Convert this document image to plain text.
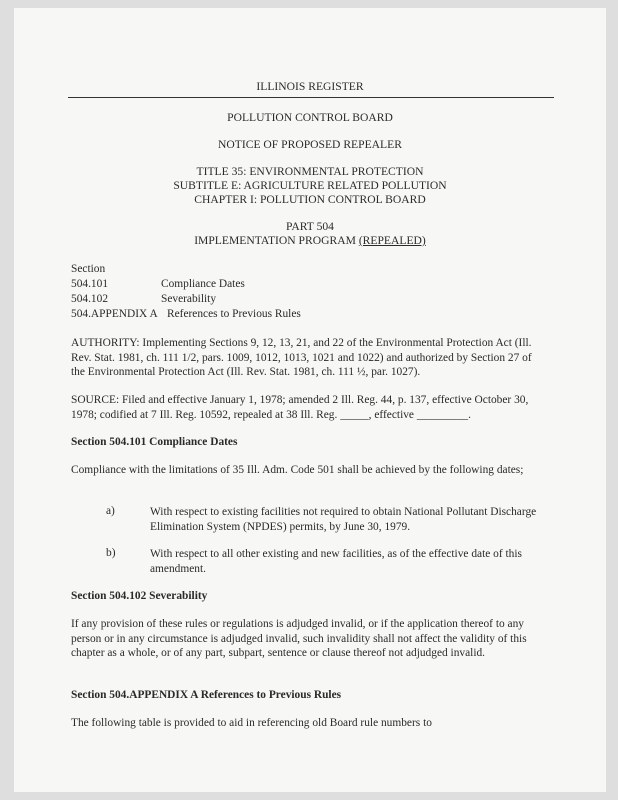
ILLINOIS REGISTER
POLLUTION CONTROL BOARD
NOTICE OF PROPOSED REPEALER
TITLE 35: ENVIRONMENTAL PROTECTION
SUBTITLE E: AGRICULTURE RELATED POLLUTION
CHAPTER I: POLLUTION CONTROL BOARD
PART 504
IMPLEMENTATION PROGRAM (REPEALED)
Section
504.101	Compliance Dates
504.102	Severability
504.APPENDIX A References to Previous Rules
AUTHORITY: Implementing Sections 9, 12, 13, 21, and 22 of the Environmental Protection Act (Ill. Rev. Stat. 1981, ch. 111 1/2, pars. 1009, 1012, 1013, 1021 and 1022) and authorized by Section 27 of the Environmental Protection Act (Ill. Rev. Stat. 1981, ch. 111 ½, par. 1027).
SOURCE: Filed and effective January 1, 1978; amended 2 Ill. Reg. 44, p. 137, effective October 30, 1978; codified at 7 Ill. Reg. 10592, repealed at 38 Ill. Reg. _____, effective _________.
Section 504.101 Compliance Dates
Compliance with the limitations of 35 Ill. Adm. Code 501 shall be achieved by the following dates;
a)	With respect to existing facilities not required to obtain National Pollutant Discharge Elimination System (NPDES) permits, by June 30, 1979.
b)	With respect to all other existing and new facilities, as of the effective date of this amendment.
Section 504.102 Severability
If any provision of these rules or regulations is adjudged invalid, or if the application thereof to any person or in any circumstance is adjudged invalid, such invalidity shall not affect the validity of this chapter as a whole, or of any part, subpart, sentence or clause thereof not adjudged invalid.
Section 504.APPENDIX A References to Previous Rules
The following table is provided to aid in referencing old Board rule numbers to
